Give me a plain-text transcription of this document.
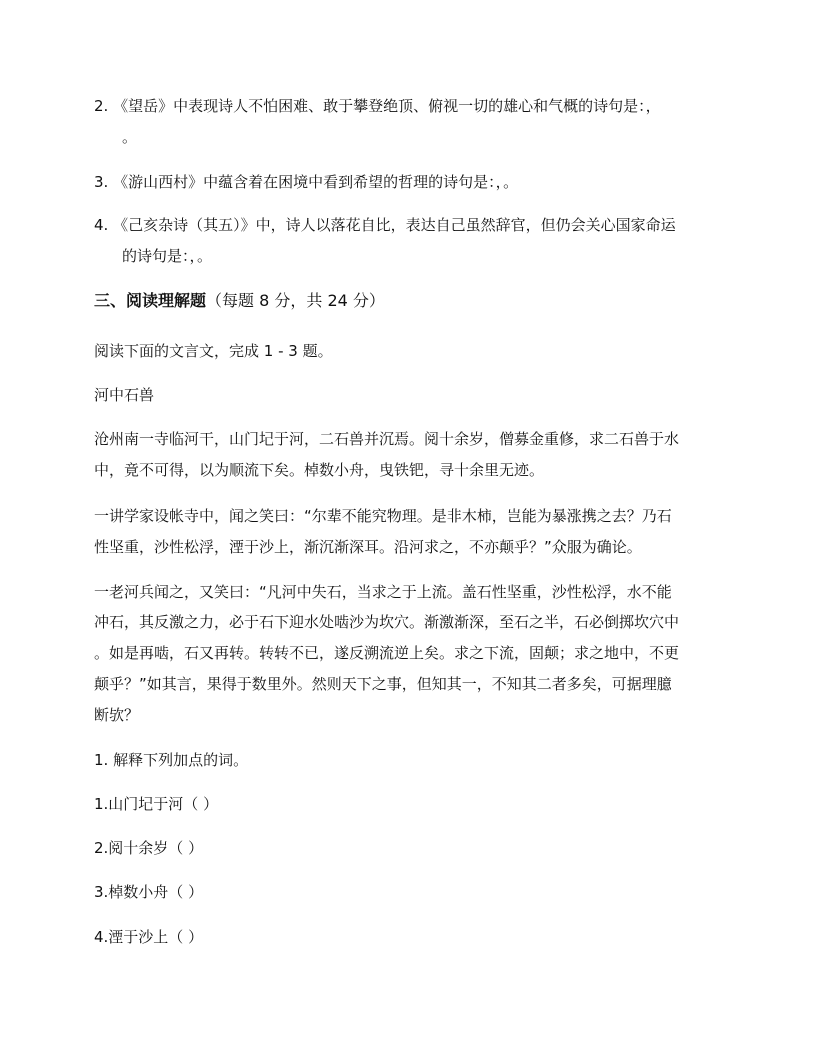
2. 《望岳》中表现诗人不怕困难、敢于攀登绝顶、俯视一切的雄心和气概的诗句是：，
。
3. 《游山西村》中蕴含着在困境中看到希望的哲理的诗句是：，。
4. 《己亥杂诗（其五）》中，诗人以落花自比，表达自己虽然辞官，但仍会关心国家命运
的诗句是：，。
三、阅读理解题（每题 8 分，共 24 分）
阅读下面的文言文，完成 1 - 3 题。
河中石兽
沧州南一寺临河干，山门圮于河，二石兽并沉焉。阅十余岁，僧募金重修，求二石兽于水
中，竟不可得，以为顺流下矣。棹数小舟，曳铁钯，寻十余里无迹。
一讲学家设帐寺中，闻之笑曰：“尔辈不能究物理。是非木柿，岂能为暴涨携之去？乃石
性坚重，沙性松浮，湮于沙上，渐沉渐深耳。沿河求之，不亦颠乎？”众服为确论。
一老河兵闻之，又笑曰：“凡河中失石，当求之于上流。盖石性坚重，沙性松浮，水不能
冲石，其反激之力，必于石下迎水处啮沙为坎穴。渐激渐深，至石之半，石必倒掷坎穴中
。如是再啮，石又再转。转转不已，遂反溯流逆上矣。求之下流，固颠；求之地中，不更
颠乎？”如其言，果得于数里外。然则天下之事，但知其一，不知其二者多矣，可据理臆
断欤？
1. 解释下列加点的词。
1.山门圮于河（ ）
2.阅十余岁（ ）
3.棹数小舟（ ）
4.湮于沙上（ ）
